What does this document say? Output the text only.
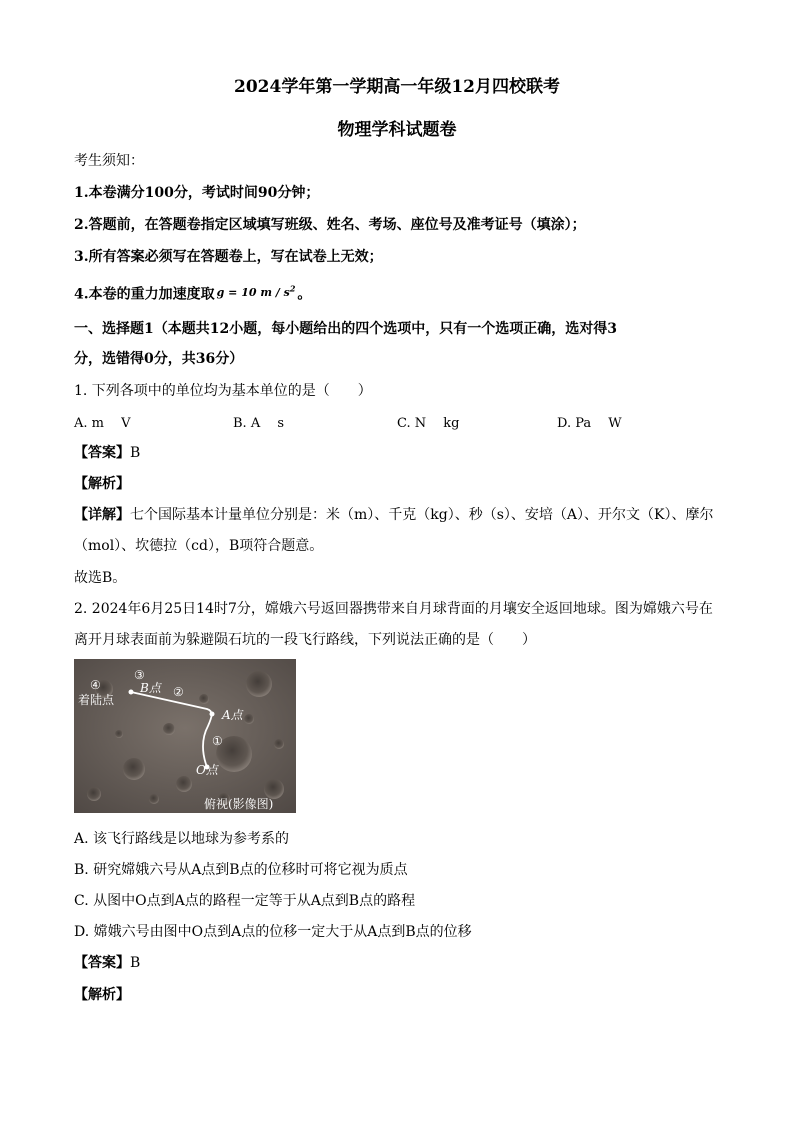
2024学年第一学期高一年级12月四校联考
物理学科试题卷
考生须知：
1.本卷满分100分，考试时间90分钟；
2.答题前，在答题卷指定区域填写班级、姓名、考场、座位号及准考证号（填涂）；
3.所有答案必须写在答题卷上，写在试卷上无效；
4.本卷的重力加速度取 $^{g = 10 m / s^2}$ 。
一、选择题1（本题共12小题，每小题给出的四个选项中，只有一个选项正确，选对得3
分，选错得0分，共36分）
1. 下列各项中的单位均为基本单位的是（　　）
A. m　 V	B. A　 s	C. N　 kg	D. Pa　 W
【答案】B
【解析】
【详解】七个国际基本计量单位分别是：米（m）、千克（kg）、秒（s）、安培（A）、开尔文（K）、摩尔
（mol）、坎德拉（cd），B项符合题意。
故选B。
2. 2024年6月25日14时7分，嫦娥六号返回器携带来自月球背面的月壤安全返回地球。图为嫦娥六号在
离开月球表面前为躲避陨石坑的一段飞行路线，下列说法正确的是（　　）
④
着陆点
③
B点 ②
A点
①
O点
俯视(影像图)
A. 该飞行路线是以地球为参考系的
B. 研究嫦娥六号从A点到B点的位移时可将它视为质点
C. 从图中O点到A点的路程一定等于从A点到B点的路程
D. 嫦娥六号由图中O点到A点的位移一定大于从A点到B点的位移
【答案】B
【解析】
